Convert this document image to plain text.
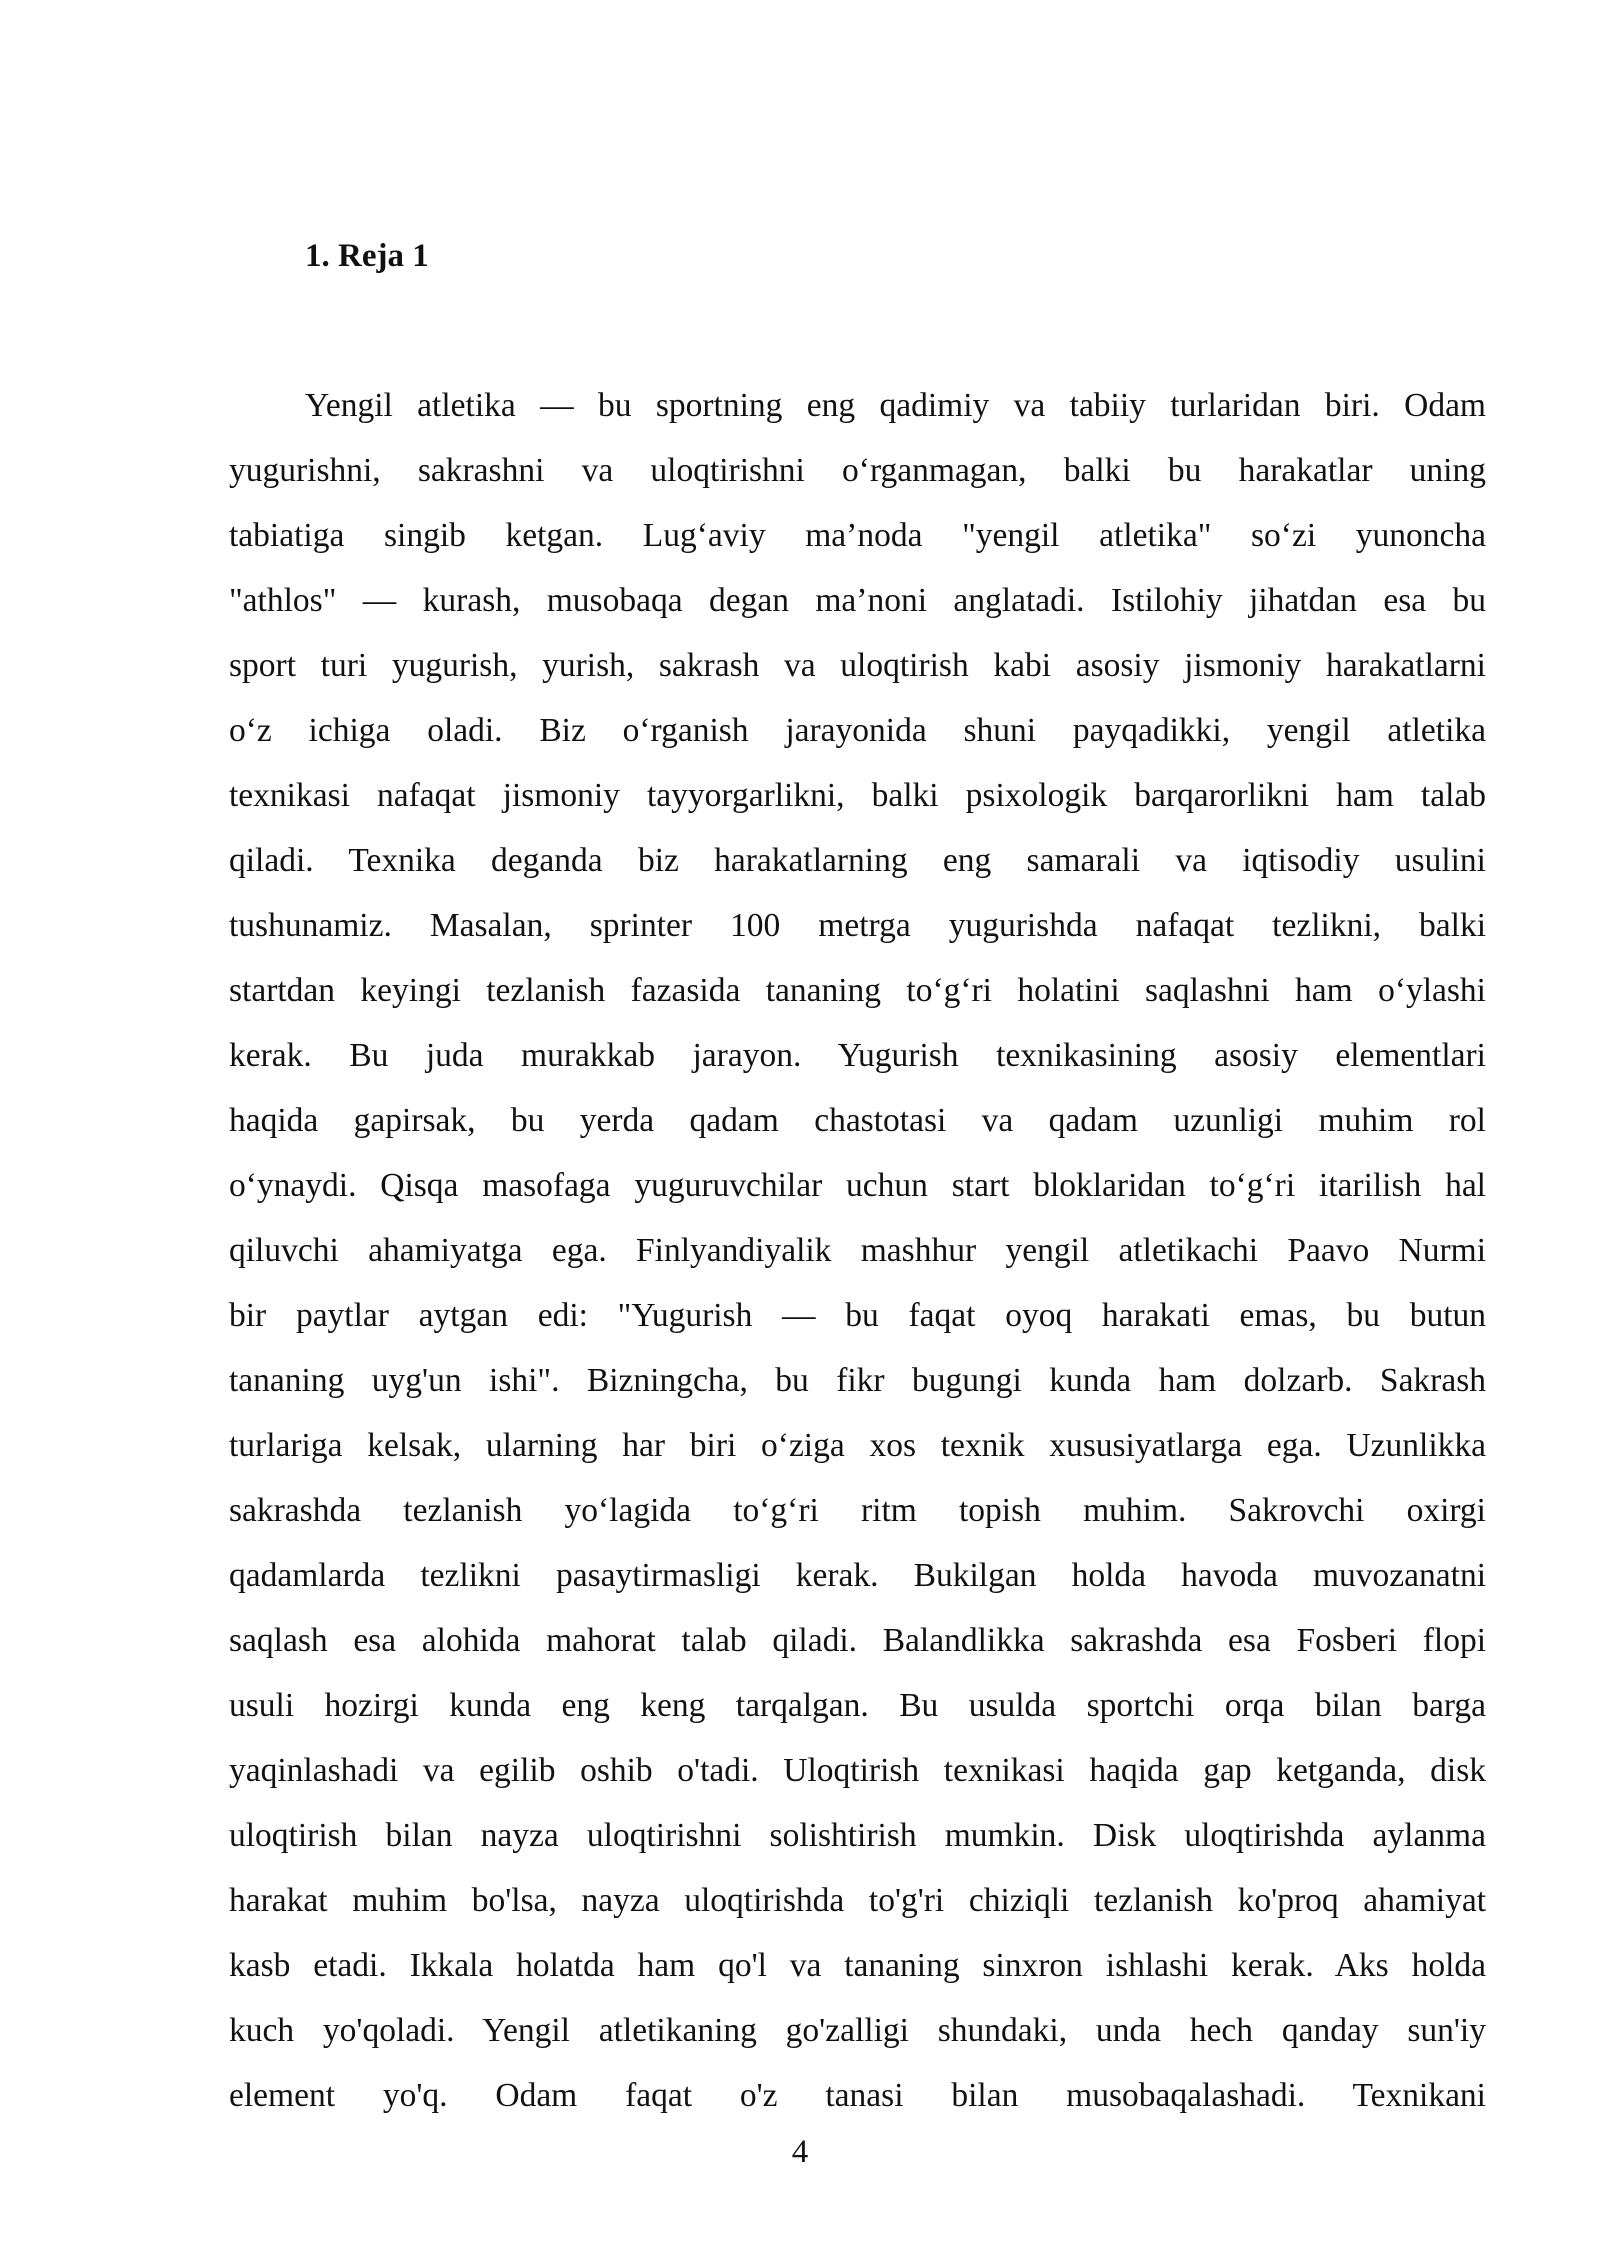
1. Reja 1
Yengil atletika — bu sportning eng qadimiy va tabiiy turlaridan biri. Odam
yugurishni, sakrashni va uloqtirishni o‘rganmagan, balki bu harakatlar uning
tabiatiga singib ketgan. Lug‘aviy ma’noda "yengil atletika" so‘zi yunoncha
"athlos" — kurash, musobaqa degan ma’noni anglatadi. Istilohiy jihatdan esa bu
sport turi yugurish, yurish, sakrash va uloqtirish kabi asosiy jismoniy harakatlarni
o‘z ichiga oladi. Biz o‘rganish jarayonida shuni payqadikki, yengil atletika
texnikasi nafaqat jismoniy tayyorgarlikni, balki psixologik barqarorlikni ham talab
qiladi. Texnika deganda biz harakatlarning eng samarali va iqtisodiy usulini
tushunamiz. Masalan, sprinter 100 metrga yugurishda nafaqat tezlikni, balki
startdan keyingi tezlanish fazasida tananing to‘g‘ri holatini saqlashni ham o‘ylashi
kerak. Bu juda murakkab jarayon. Yugurish texnikasining asosiy elementlari
haqida gapirsak, bu yerda qadam chastotasi va qadam uzunligi muhim rol
o‘ynaydi. Qisqa masofaga yuguruvchilar uchun start bloklaridan to‘g‘ri itarilish hal
qiluvchi ahamiyatga ega. Finlyandiyalik mashhur yengil atletikachi Paavo Nurmi
bir paytlar aytgan edi: "Yugurish — bu faqat oyoq harakati emas, bu butun
tananing uyg'un ishi". Bizningcha, bu fikr bugungi kunda ham dolzarb. Sakrash
turlariga kelsak, ularning har biri o‘ziga xos texnik xususiyatlarga ega. Uzunlikka
sakrashda tezlanish yo‘lagida to‘g‘ri ritm topish muhim. Sakrovchi oxirgi
qadamlarda tezlikni pasaytirmasligi kerak. Bukilgan holda havoda muvozanatni
saqlash esa alohida mahorat talab qiladi. Balandlikka sakrashda esa Fosberi flopi
usuli hozirgi kunda eng keng tarqalgan. Bu usulda sportchi orqa bilan barga
yaqinlashadi va egilib oshib o'tadi. Uloqtirish texnikasi haqida gap ketganda, disk
uloqtirish bilan nayza uloqtirishni solishtirish mumkin. Disk uloqtirishda aylanma
harakat muhim bo'lsa, nayza uloqtirishda to'g'ri chiziqli tezlanish ko'proq ahamiyat
kasb etadi. Ikkala holatda ham qo'l va tananing sinxron ishlashi kerak. Aks holda
kuch yo'qoladi. Yengil atletikaning go'zalligi shundaki, unda hech qanday sun'iy
element yo'q. Odam faqat o'z tanasi bilan musobaqalashadi. Texnikani
4
